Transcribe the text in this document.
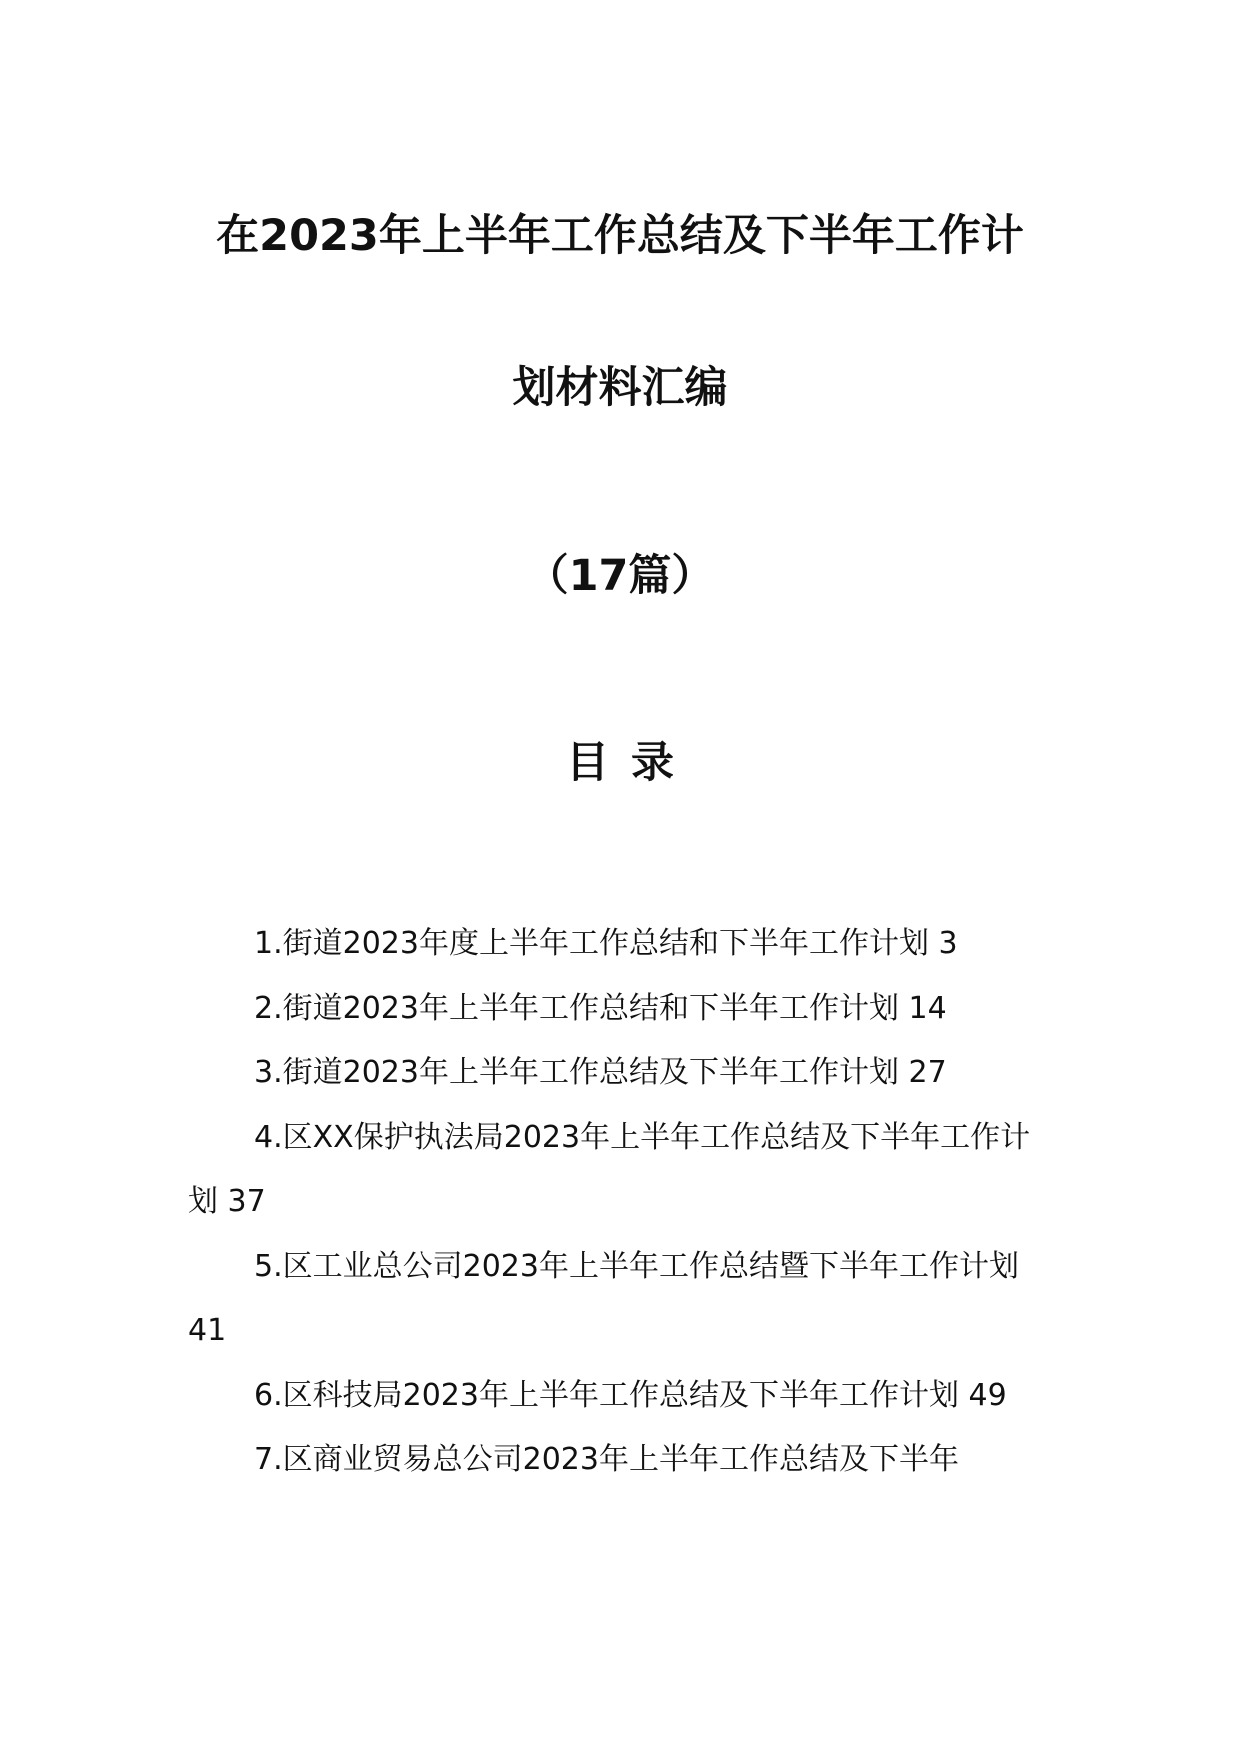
在2023年上半年工作总结及下半年工作计
划材料汇编
（17篇）
目录
1.街道2023年度上半年工作总结和下半年工作计划 3
2.街道2023年上半年工作总结和下半年工作计划 14
3.街道2023年上半年工作总结及下半年工作计划 27
4.区XX保护执法局2023年上半年工作总结及下半年工作计划 37
5.区工业总公司2023年上半年工作总结暨下半年工作计划 41
6.区科技局2023年上半年工作总结及下半年工作计划 49
7.区商业贸易总公司2023年上半年工作总结及下半年
